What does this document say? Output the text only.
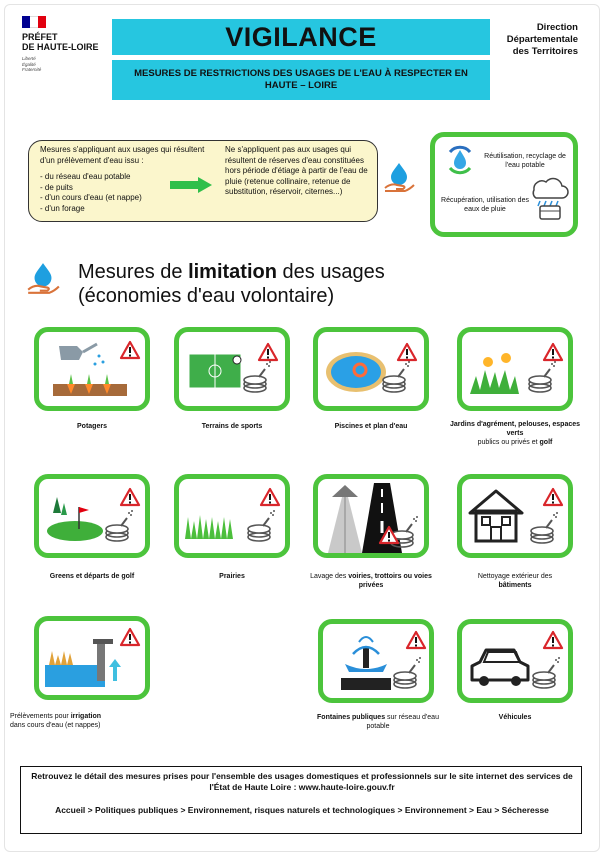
PRÉFET
DE HAUTE-LOIRE
Liberté
Égalité
Fraternité
VIGILANCE
MESURES DE RESTRICTIONS DES USAGES DE L'EAU À RESPECTER EN HAUTE – LOIRE
Direction
Départementale
des Territoires
Mesures s'appliquant aux usages qui résultent d'un prélèvement d'eau issu :
- du réseau d'eau potable
- de puits
- d'un cours d'eau (et nappe)
- d'un forage
Ne s'appliquent pas aux usages qui résultent de réserves d'eau constituées hors période d'étiage à partir de l'eau de pluie (retenue collinaire, retenue de substitution, réservoir, citernes...)
Réutilisation, recyclage de l'eau potable
Récupération, utilisation des eaux de pluie
Mesures de limitation des usages
(économies d'eau volontaire)
Potagers	Terrains de sports	Piscines et plan d'eau	Jardins d'agrément, pelouses, espaces verts
publics ou privés et golf
Greens et départs de golf	Prairies	Lavage des voiries, trottoirs ou voies privées
Nettoyage extérieur des
bâtiments
Prélèvements pour irrigation
dans cours d'eau (et nappes)
Fontaines publiques sur réseau d'eau potable
Véhicules
Retrouvez le détail des mesures prises pour l'ensemble des usages domestiques et professionnels sur le site internet des services de l'État de Haute Loire : www.haute-loire.gouv.fr
Accueil > Politiques publiques > Environnement, risques naturels et technologiques > Environnement > Eau > Sécheresse
